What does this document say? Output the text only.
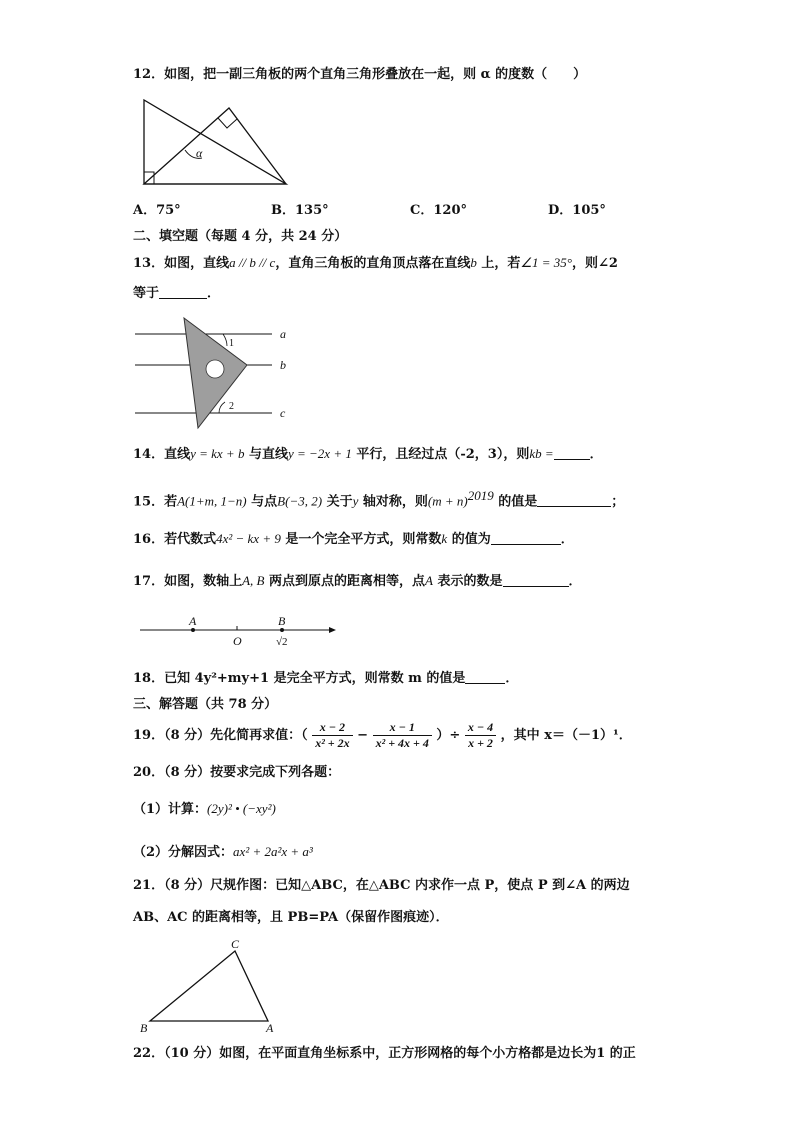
12．如图，把一副三角板的两个直角三角形叠放在一起，则 α 的度数（　　）
α
A．75°	B．135°	C．120°	D．105°
二、填空题（每题 4 分，共 24 分）
13．如图，直线a // b // c，直角三角板的直角顶点落在直线b 上，若∠1 = 35°，则∠2
等于	．
1
2
a
b
c
14．直线y = kx + b 与直线y = −2x + 1 平行，且经过点（-2，3），则kb =	．
15．若A(1+m, 1−n) 与点B(−3, 2) 关于y 轴对称，则$(m + n)^{2019}$ 的值是	；
16．若代数式4x² − kx + 9 是一个完全平方式，则常数k 的值为	．
17．如图，数轴上A, B 两点到原点的距离相等，点A 表示的数是	．
A
O
B
√2
18．已知 4y²+my+1 是完全平方式，则常数 m 的值是	．
三、解答题（共 78 分）
19．（8 分）先化简再求值：（ $\frac{x - 2}{\text{x² + 2x}} - \frac{x - 1}{\text{x² + 4x + 4}}$ ）÷ $\frac{x - 4}{x + 2}$ ，其中 x＝（－1）¹．
20．（8 分）按要求完成下列各题：
（1）计算：(2y)² • (−xy²)
（2）分解因式：ax² + 2a²x + a³
21．（8 分）尺规作图：已知△ABC，在△ABC 内求作一点 P，使点 P 到∠A 的两边
AB、AC 的距离相等，且 PB=PA（保留作图痕迹）．
C
B	A
22．（10 分）如图，在平面直角坐标系中，正方形网格的每个小方格都是边长为1 的正
